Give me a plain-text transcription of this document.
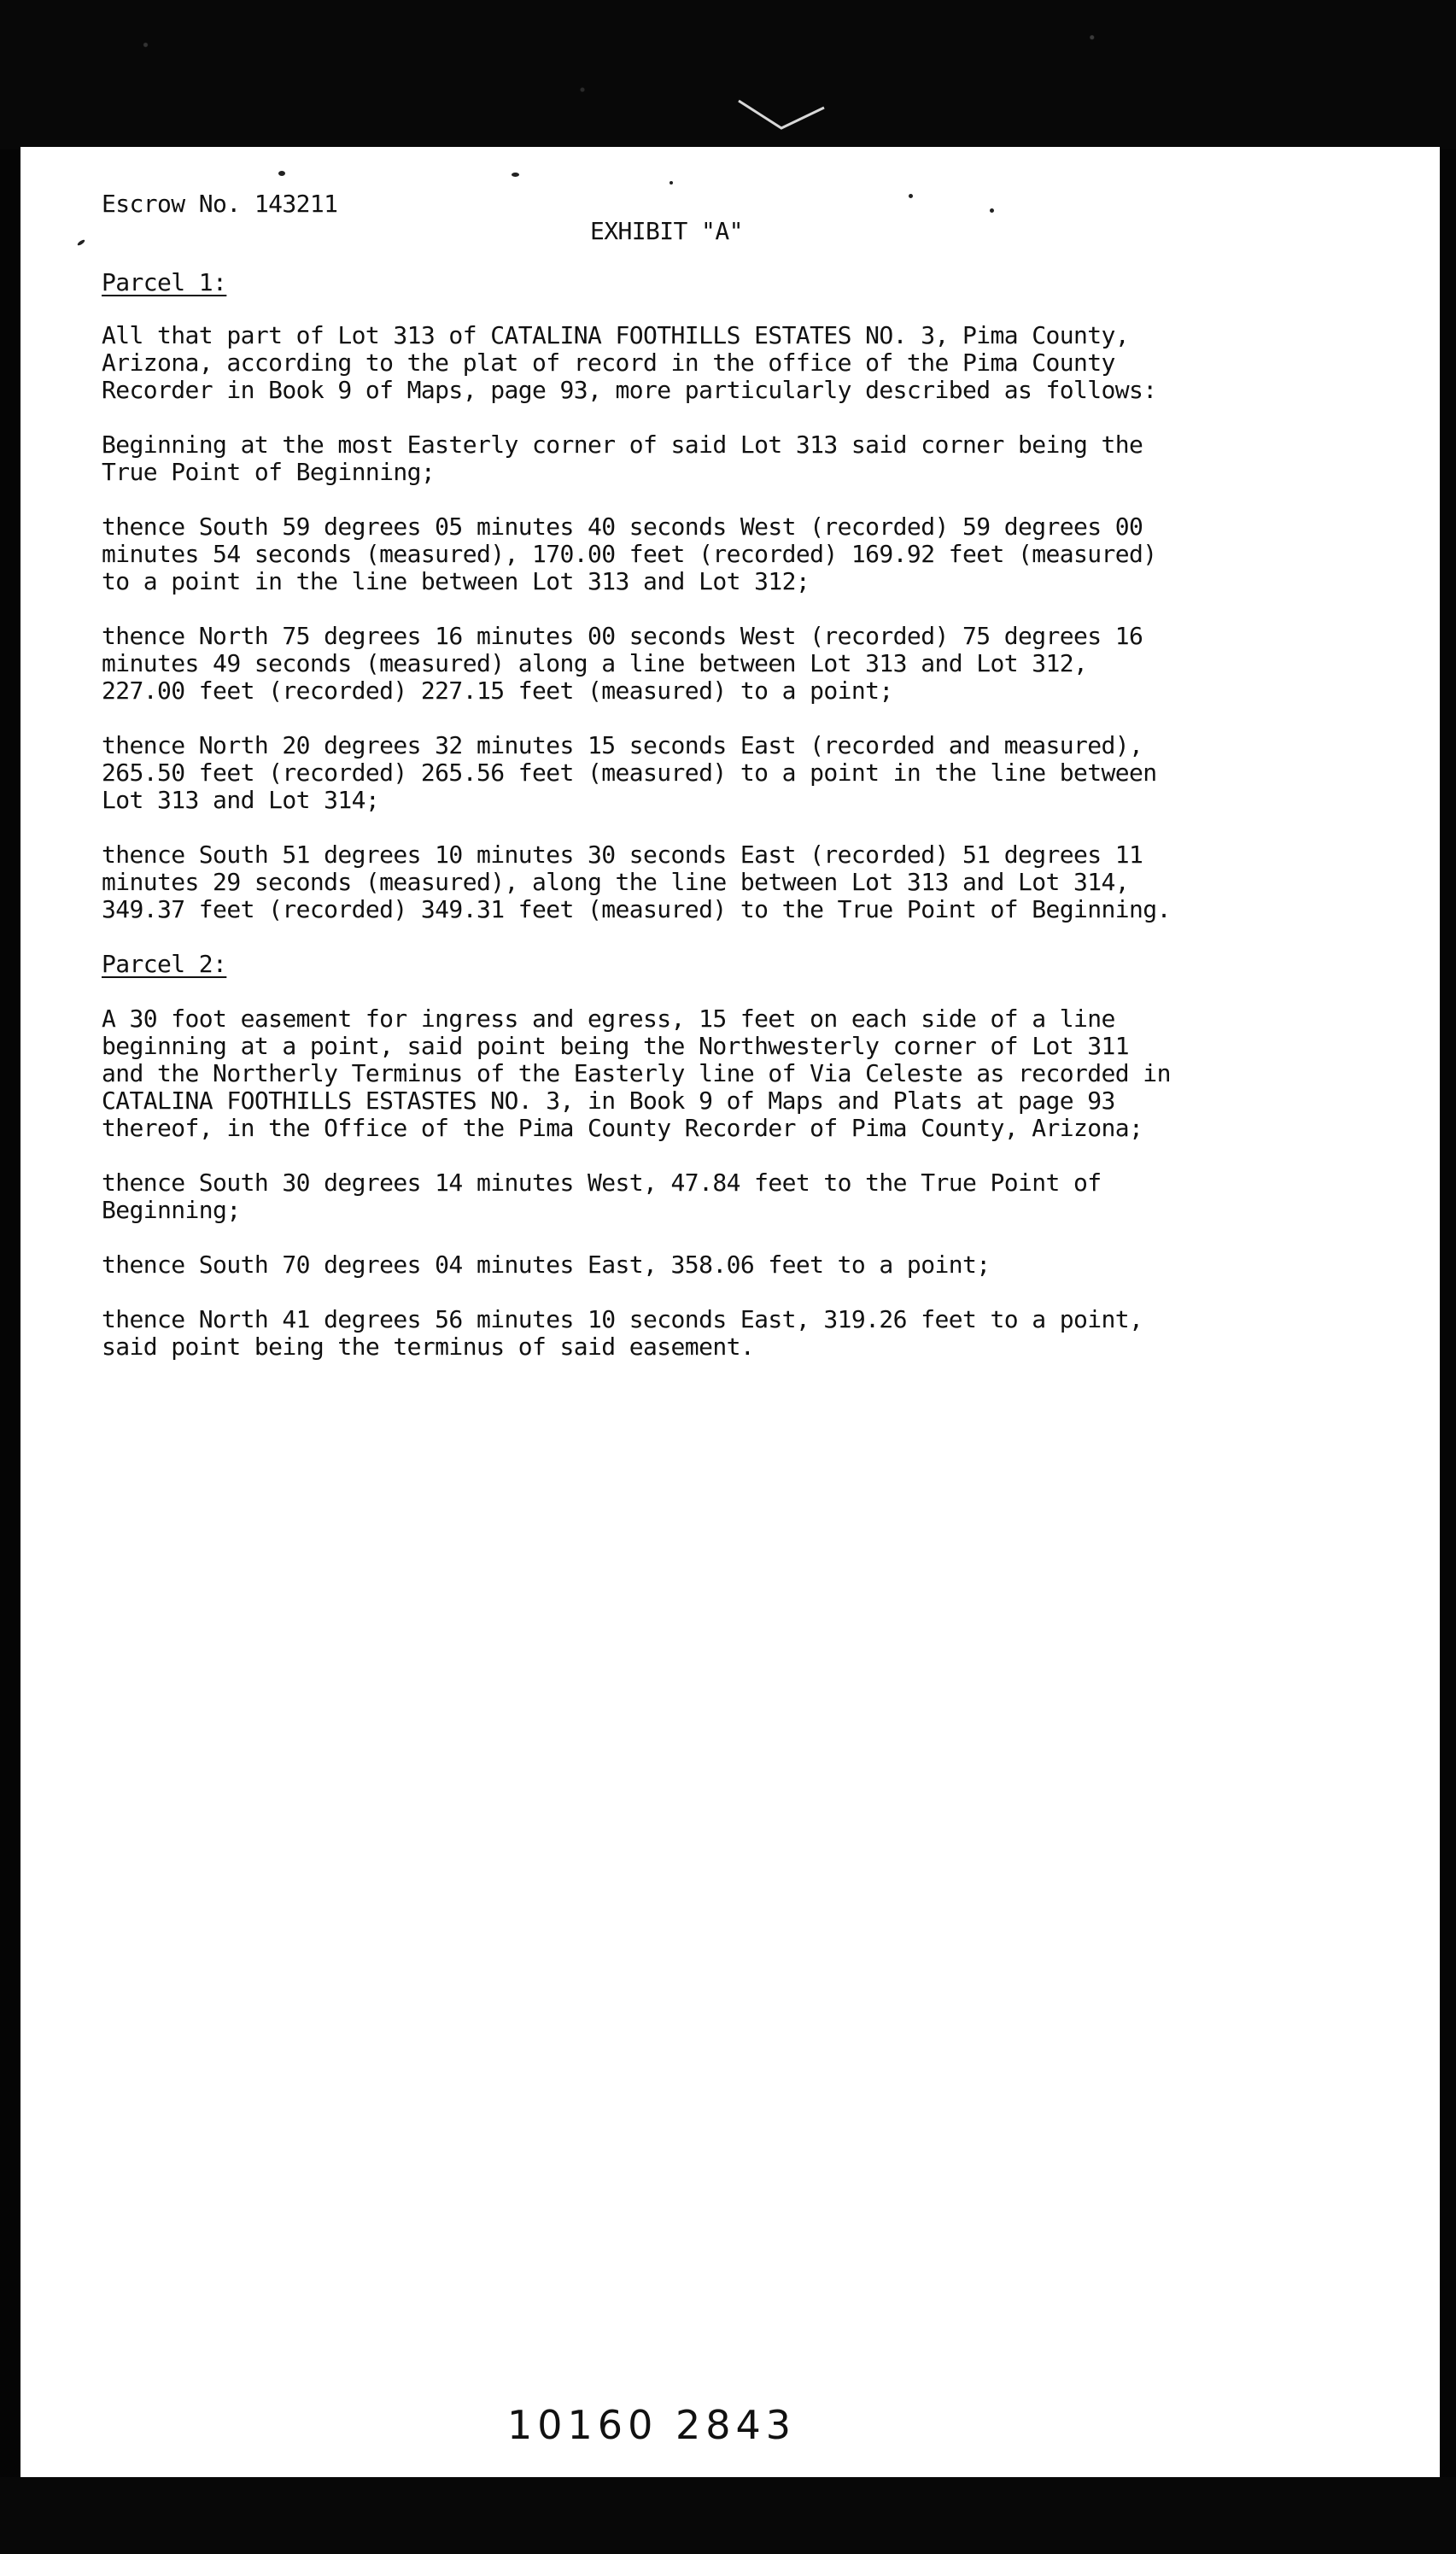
Escrow No. 143211
EXHIBIT "A"
Parcel 1:
All that part of Lot 313 of CATALINA FOOTHILLS ESTATES NO. 3, Pima County,
Arizona, according to the plat of record in the office of the Pima County
Recorder in Book 9 of Maps, page 93, more particularly described as follows:
Beginning at the most Easterly corner of said Lot 313 said corner being the
True Point of Beginning;
thence South 59 degrees 05 minutes 40 seconds West (recorded) 59 degrees 00
minutes 54 seconds (measured), 170.00 feet (recorded) 169.92 feet (measured)
to a point in the line between Lot 313 and Lot 312;
thence North 75 degrees 16 minutes 00 seconds West (recorded) 75 degrees 16
minutes 49 seconds (measured) along a line between Lot 313 and Lot 312,
227.00 feet (recorded) 227.15 feet (measured) to a point;
thence North 20 degrees 32 minutes 15 seconds East (recorded and measured),
265.50 feet (recorded) 265.56 feet (measured) to a point in the line between
Lot 313 and Lot 314;
thence South 51 degrees 10 minutes 30 seconds East (recorded) 51 degrees 11
minutes 29 seconds (measured), along the line between Lot 313 and Lot 314,
349.37 feet (recorded) 349.31 feet (measured) to the True Point of Beginning.
Parcel 2:
A 30 foot easement for ingress and egress, 15 feet on each side of a line
beginning at a point, said point being the Northwesterly corner of Lot 311
and the Northerly Terminus of the Easterly line of Via Celeste as recorded in
CATALINA FOOTHILLS ESTASTES NO. 3, in Book 9 of Maps and Plats at page 93
thereof, in the Office of the Pima County Recorder of Pima County, Arizona;
thence South 30 degrees 14 minutes West, 47.84 feet to the True Point of
Beginning;
thence South 70 degrees 04 minutes East, 358.06 feet to a point;
thence North 41 degrees 56 minutes 10 seconds East, 319.26 feet to a point,
said point being the terminus of said easement.
10160 2843
